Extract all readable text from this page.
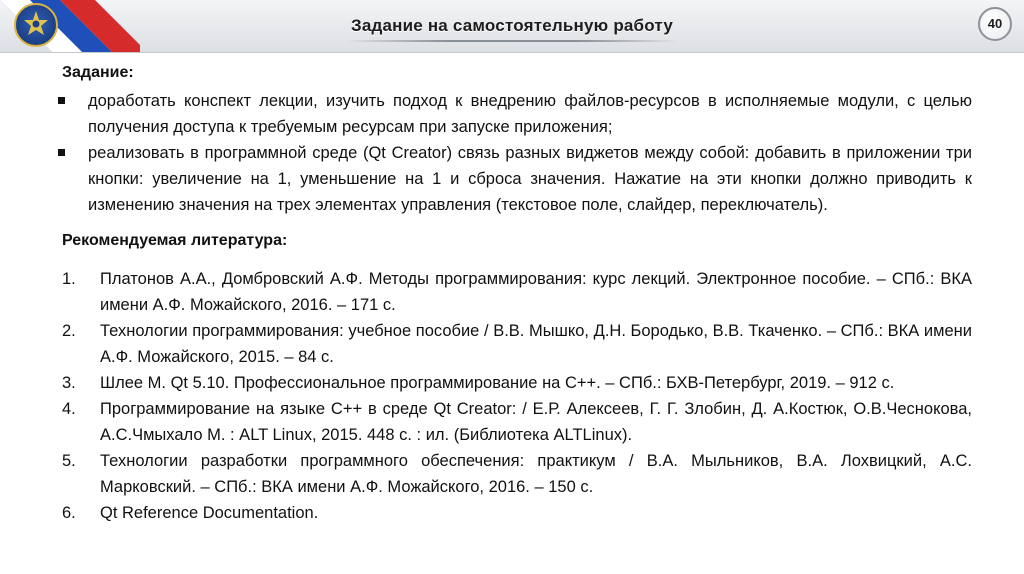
Задание на самостоятельную работу	40

Задание:

доработать конспект лекции, изучить подход к внедрению файлов-ресурсов в исполняемые модули, с целью получения доступа к требуемым ресурсам при запуске приложения;
реализовать в программной среде (Qt Creator) связь разных виджетов между собой: добавить в приложении три кнопки: увеличение на 1, уменьшение на 1 и сброса значения. Нажатие на эти кнопки должно приводить к изменению значения на трех элементах управления (текстовое поле, слайдер, переключатель).

Рекомендуемая литература:

1. Платонов А.А., Домбровский А.Ф. Методы программирования: курс лекций. Электронное пособие. – СПб.: ВКА имени А.Ф. Можайского, 2016. – 171 с.
2. Технологии программирования: учебное пособие / В.В. Мышко, Д.Н. Бородько, В.В. Ткаченко. – СПб.: ВКА имени А.Ф. Можайского, 2015. – 84 с.
3. Шлее М. Qt 5.10. Профессиональное программирование на C++. – СПб.: БХВ-Петербург, 2019. – 912 с.
4. Программирование на языке С++ в среде Qt Creator: / Е.Р. Алексеев, Г. Г. Злобин, Д. А.Костюк, О.В.Чеснокова, А.С.Чмыхало М. : ALT Linux, 2015. 448 с. : ил. (Библиотека ALTLinux).
5. Технологии разработки программного обеспечения: практикум / В.А. Мыльников, В.А. Лохвицкий, А.С. Марковский. – СПб.: ВКА имени А.Ф. Можайского, 2016. – 150 с.
6. Qt Reference Documentation.
